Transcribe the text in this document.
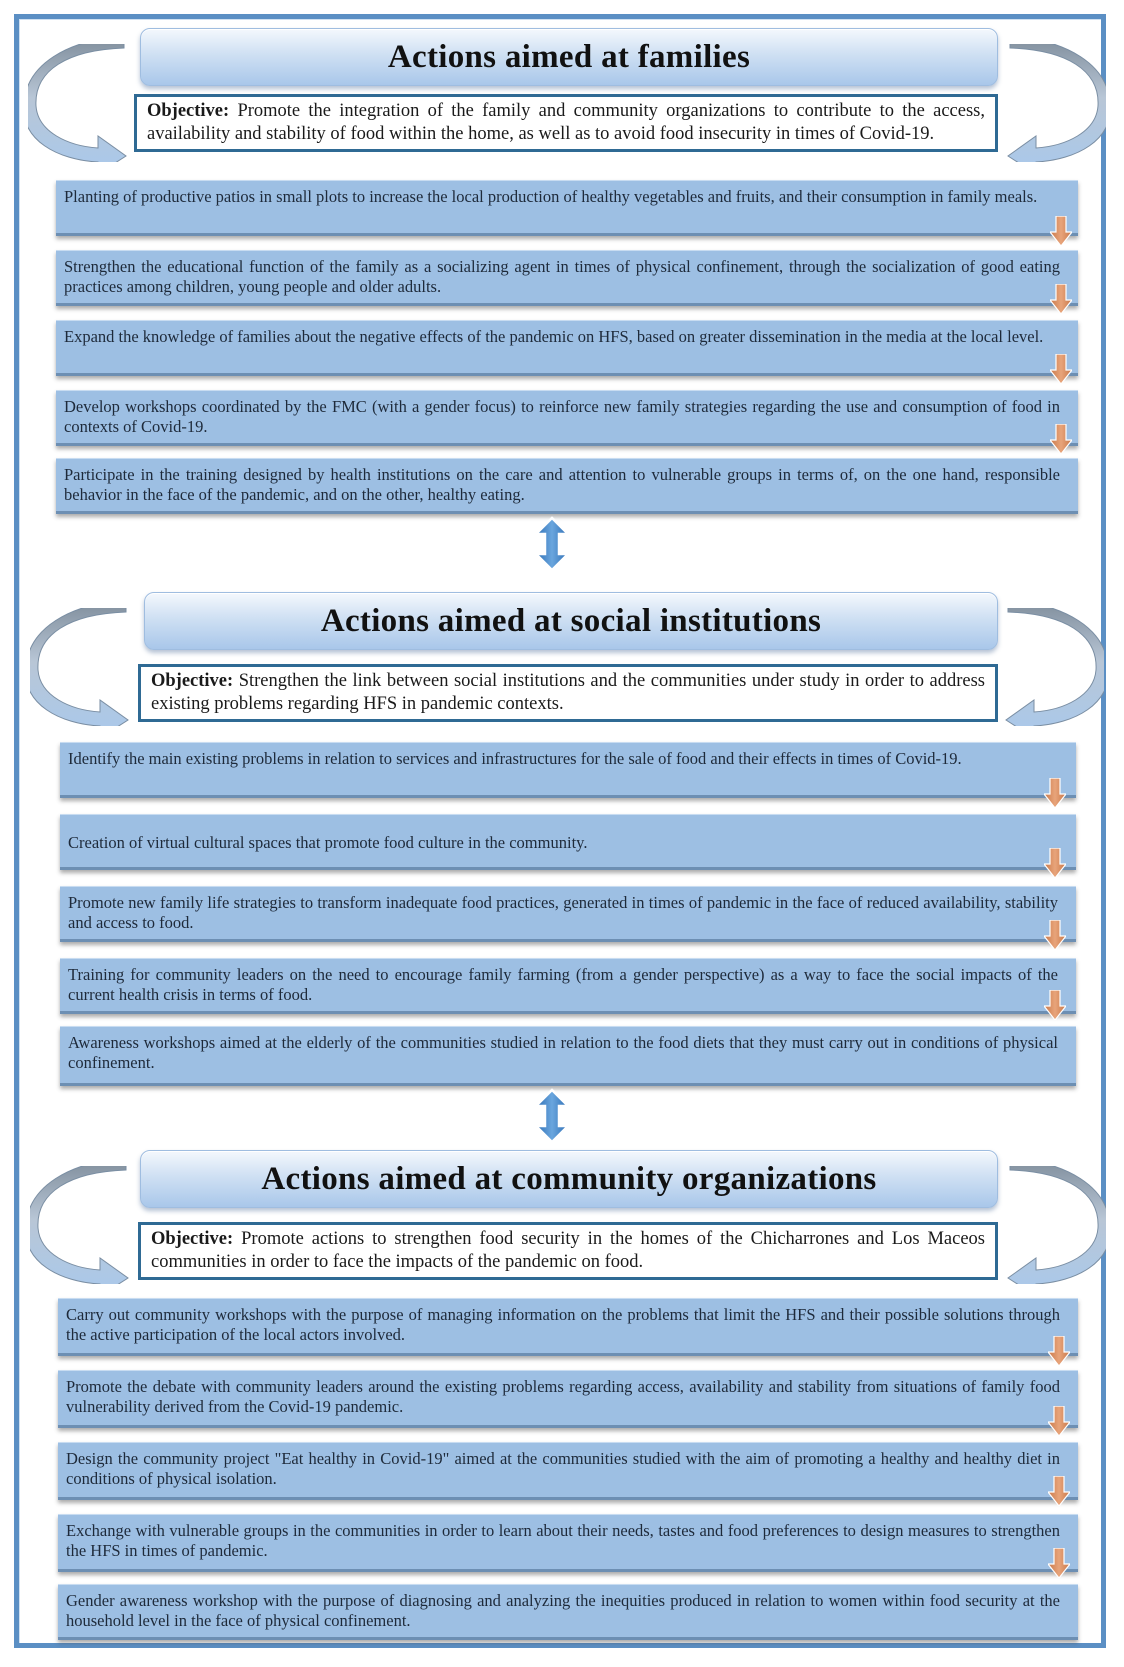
Actions aimed at families
Objective: Promote the integration of the family and community organizations to contribute to the access, availability and stability of food within the home, as well as to avoid food insecurity in times of Covid-19.
Planting of productive patios in small plots to increase the local production of healthy vegetables and fruits, and their consumption in family meals.
Strengthen the educational function of the family as a socializing agent in times of physical confinement, through the socialization of good eating practices among children, young people and older adults.
Expand the knowledge of families about the negative effects of the pandemic on HFS, based on greater dissemination in the media at the local level.
Develop workshops coordinated by the FMC (with a gender focus) to reinforce new family strategies regarding the use and consumption of food in contexts of Covid-19.
Participate in the training designed by health institutions on the care and attention to vulnerable groups in terms of, on the one hand, responsible behavior in the face of the pandemic, and on the other, healthy eating.
Actions aimed at social institutions
Objective: Strengthen the link between social institutions and the communities under study in order to address existing problems regarding HFS in pandemic contexts.
Identify the main existing problems in relation to services and infrastructures for the sale of food and their effects in times of Covid-19.
Creation of virtual cultural spaces that promote food culture in the community.
Promote new family life strategies to transform inadequate food practices, generated in times of pandemic in the face of reduced availability, stability and access to food.
Training for community leaders on the need to encourage family farming (from a gender perspective) as a way to face the social impacts of the current health crisis in terms of food.
Awareness workshops aimed at the elderly of the communities studied in relation to the food diets that they must carry out in conditions of physical confinement.
Actions aimed at community organizations
Objective: Promote actions to strengthen food security in the homes of the Chicharrones and Los Maceos communities in order to face the impacts of the pandemic on food.
Carry out community workshops with the purpose of managing information on the problems that limit the HFS and their possible solutions through the active participation of the local actors involved.
Promote the debate with community leaders around the existing problems regarding access, availability and stability from situations of family food vulnerability derived from the Covid-19 pandemic.
Design the community project "Eat healthy in Covid-19" aimed at the communities studied with the aim of promoting a healthy and healthy diet in conditions of physical isolation.
Exchange with vulnerable groups in the communities in order to learn about their needs, tastes and food preferences to design measures to strengthen the HFS in times of pandemic.
Gender awareness workshop with the purpose of diagnosing and analyzing the inequities produced in relation to women within food security at the household level in the face of physical confinement.
